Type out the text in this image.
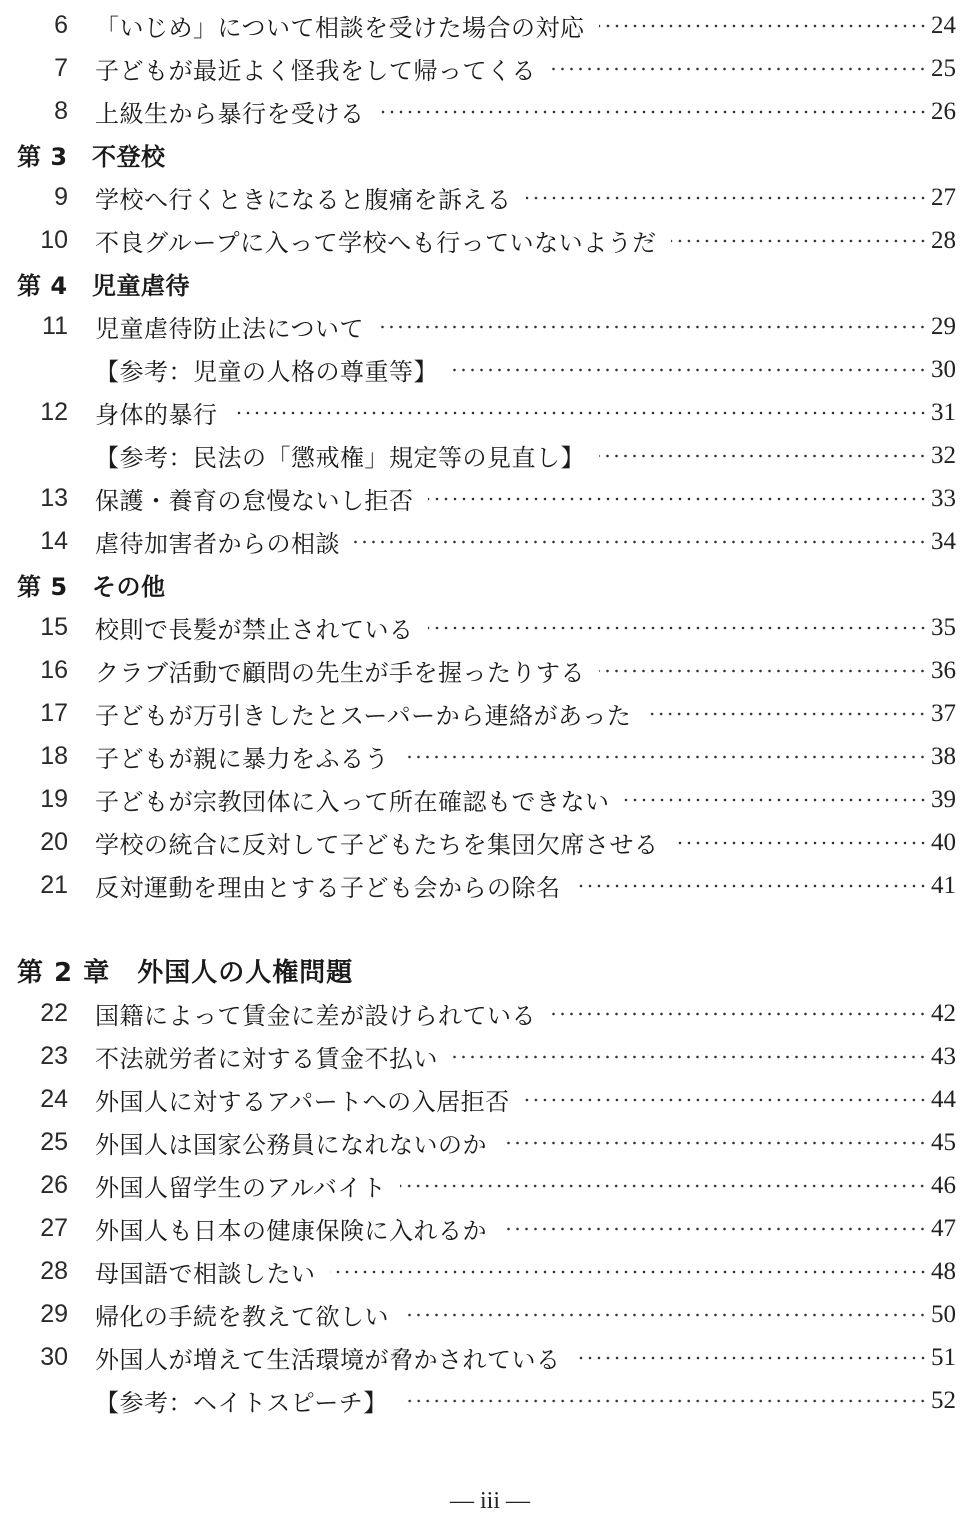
6 「いじめ」について相談を受けた場合の対応	24
7 子どもが最近よく怪我をして帰ってくる	25
8 上級生から暴行を受ける	26
第 3　不登校
9 学校へ行くときになると腹痛を訴える	27
10 不良グループに入って学校へも行っていないようだ	28
第 4　児童虐待
11 児童虐待防止法について	29
【参考：児童の人格の尊重等】	30
12 身体的暴行	31
【参考：民法の「懲戒権」規定等の見直し】	32
13 保護・養育の怠慢ないし拒否	33
14 虐待加害者からの相談	34
第 5　その他
15 校則で長髪が禁止されている	35
16 クラブ活動で顧問の先生が手を握ったりする	36
17 子どもが万引きしたとスーパーから連絡があった	37
18 子どもが親に暴力をふるう	38
19 子どもが宗教団体に入って所在確認もできない	39
20 学校の統合に反対して子どもたちを集団欠席させる	40
21 反対運動を理由とする子ども会からの除名	41
第 2 章　外国人の人権問題
22 国籍によって賃金に差が設けられている	42
23 不法就労者に対する賃金不払い	43
24 外国人に対するアパートへの入居拒否	44
25 外国人は国家公務員になれないのか	45
26 外国人留学生のアルバイト	46
27 外国人も日本の健康保険に入れるか	47
28 母国語で相談したい	48
29 帰化の手続を教えて欲しい	50
30 外国人が増えて生活環境が脅かされている	51
【参考：ヘイトスピーチ】	52
— iii —
